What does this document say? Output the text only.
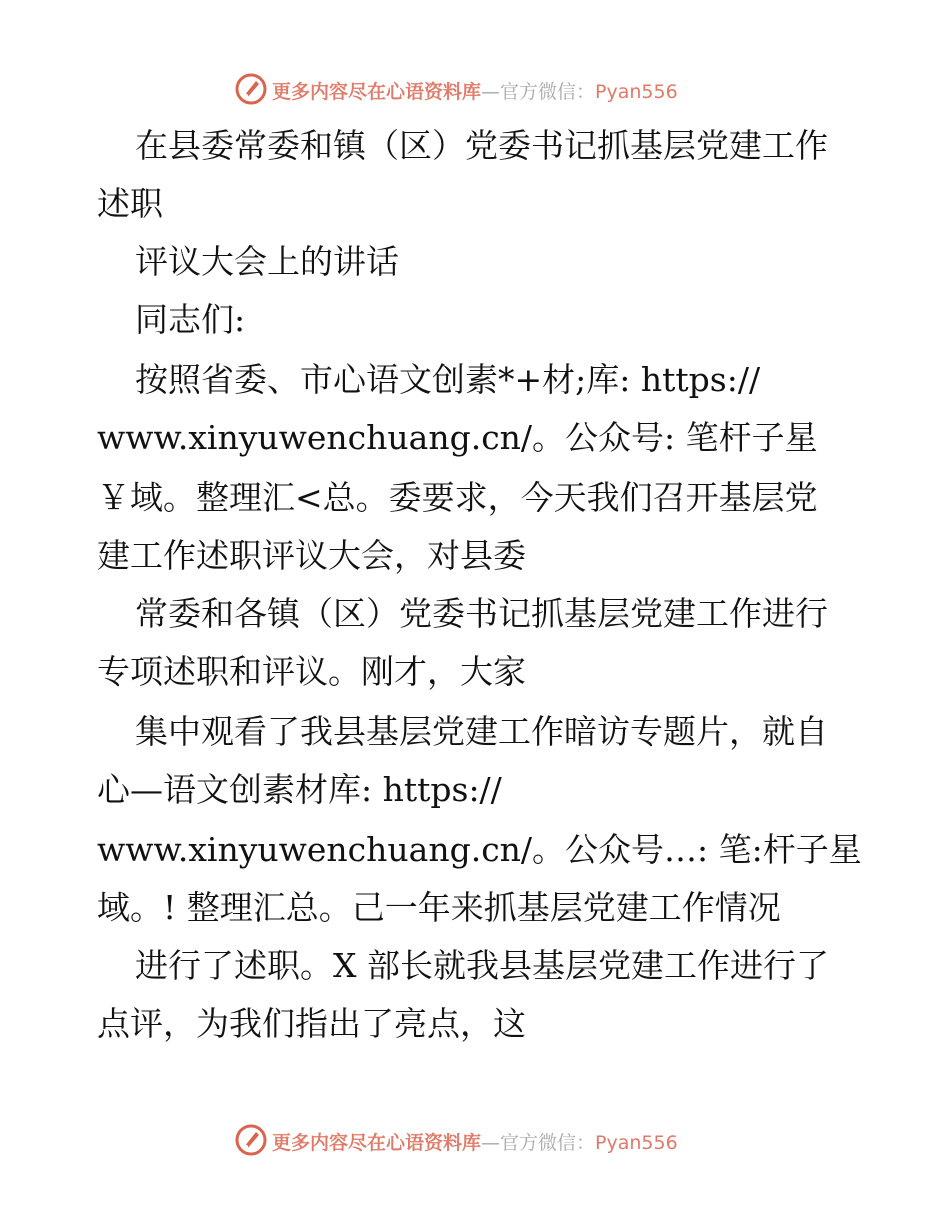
更多内容尽在心语资料库—官方微信：Pyan556
在县委常委和镇（区）党委书记抓基层党建工作
述职
评议大会上的讲话
同志们:
按照省委、市心语文创素*+材;库: https://
www.xinyuwenchuang.cn/。公众号: 笔杆子星
￥域。整理汇<总。委要求，今天我们召开基层党
建工作述职评议大会，对县委
常委和各镇（区）党委书记抓基层党建工作进行
专项述职和评议。刚才，大家
集中观看了我县基层党建工作暗访专题片，就自
心—语文创素材库: https://
www.xinyuwenchuang.cn/。公众号…: 笔:杆子星
域。! 整理汇总。己一年来抓基层党建工作情况
进行了述职。X 部长就我县基层党建工作进行了
点评，为我们指出了亮点，这
更多内容尽在心语资料库—官方微信：Pyan556
